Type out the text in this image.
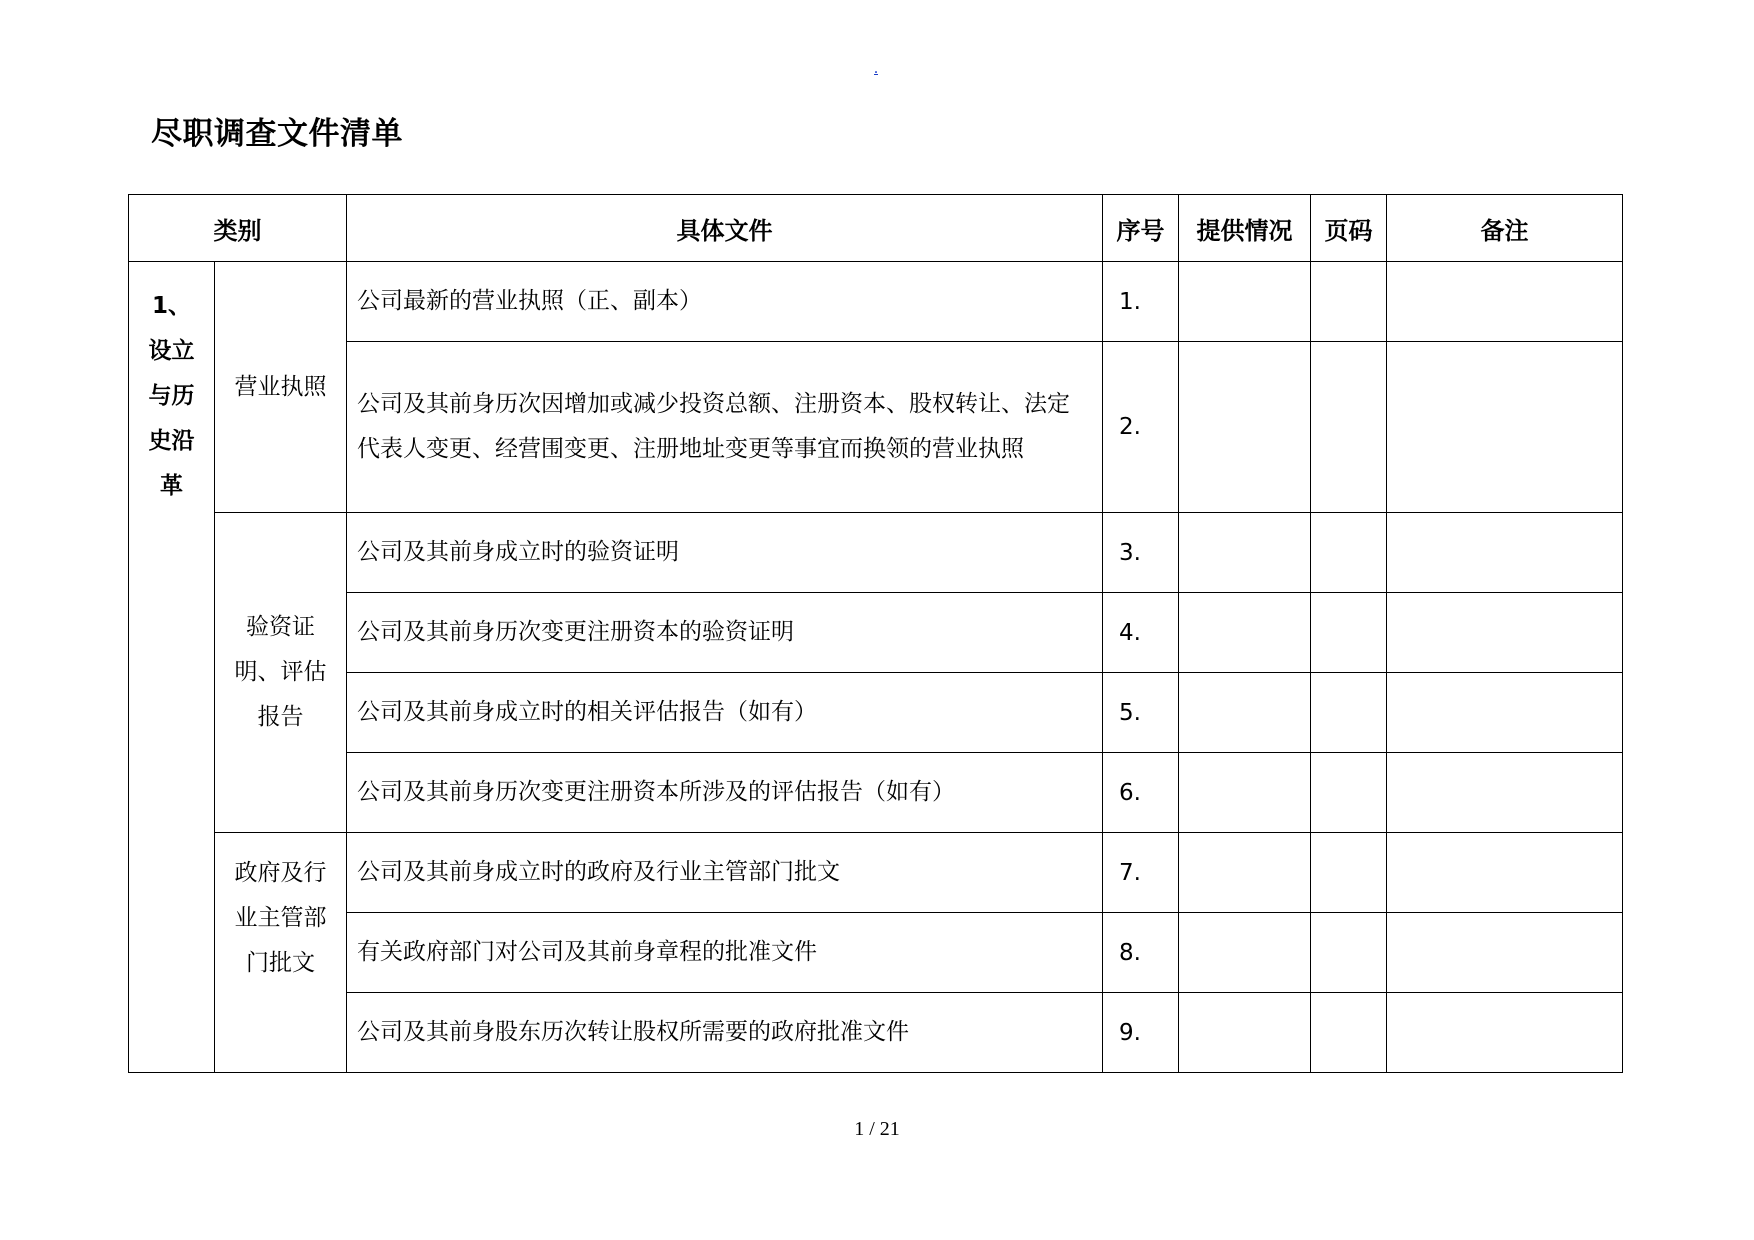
.
尽职调查文件清单
类别		具体文件	序号	提供情况	页码	备注

1、设立与历史沿革	营业执照	公司最新的营业执照（正、副本）	1.			
		公司及其前身历次因增加或减少投资总额、注册资本、股权转让、法定代表人变更、经营围变更、注册地址变更等事宜而换领的营业执照	2.			
	验资证明、评估报告	公司及其前身成立时的验资证明	3.			
		公司及其前身历次变更注册资本的验资证明	4.			
		公司及其前身成立时的相关评估报告（如有）	5.			
		公司及其前身历次变更注册资本所涉及的评估报告（如有）	6.			
	政府及行业主管部门批文	公司及其前身成立时的政府及行业主管部门批文	7.			
		有关政府部门对公司及其前身章程的批准文件	8.			
		公司及其前身股东历次转让股权所需要的政府批准文件	9.			
1 / 21
